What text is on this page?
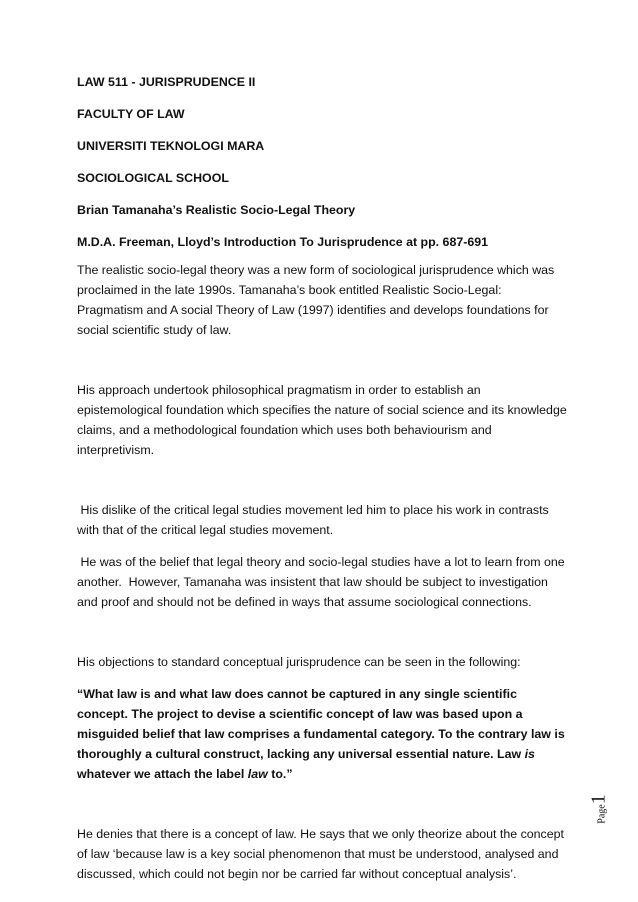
LAW 511 - JURISPRUDENCE II
FACULTY OF LAW
UNIVERSITI TEKNOLOGI MARA
SOCIOLOGICAL SCHOOL
Brian Tamanaha’s Realistic Socio-Legal Theory
M.D.A. Freeman, Lloyd’s Introduction To Jurisprudence at pp. 687-691

The realistic socio-legal theory was a new form of sociological jurisprudence which was proclaimed in the late 1990s. Tamanaha’s book entitled Realistic Socio-Legal: Pragmatism and A social Theory of Law (1997) identifies and develops foundations for social scientific study of law.

His approach undertook philosophical pragmatism in order to establish an epistemological foundation which specifies the nature of social science and its knowledge claims, and a methodological foundation which uses both behaviourism and interpretivism.

His dislike of the critical legal studies movement led him to place his work in contrasts with that of the critical legal studies movement.

He was of the belief that legal theory and socio-legal studies have a lot to learn from one another.  However, Tamanaha was insistent that law should be subject to investigation and proof and should not be defined in ways that assume sociological connections.

His objections to standard conceptual jurisprudence can be seen in the following:

“What law is and what law does cannot be captured in any single scientific concept. The project to devise a scientific concept of law was based upon a misguided belief that law comprises a fundamental category. To the contrary law is thoroughly a cultural construct, lacking any universal essential nature. Law is whatever we attach the label law to.”

He denies that there is a concept of law. He says that we only theorize about the concept of law ‘because law is a key social phenomenon that must be understood, analysed and discussed, which could not begin nor be carried far without conceptual analysis’.

Page1
